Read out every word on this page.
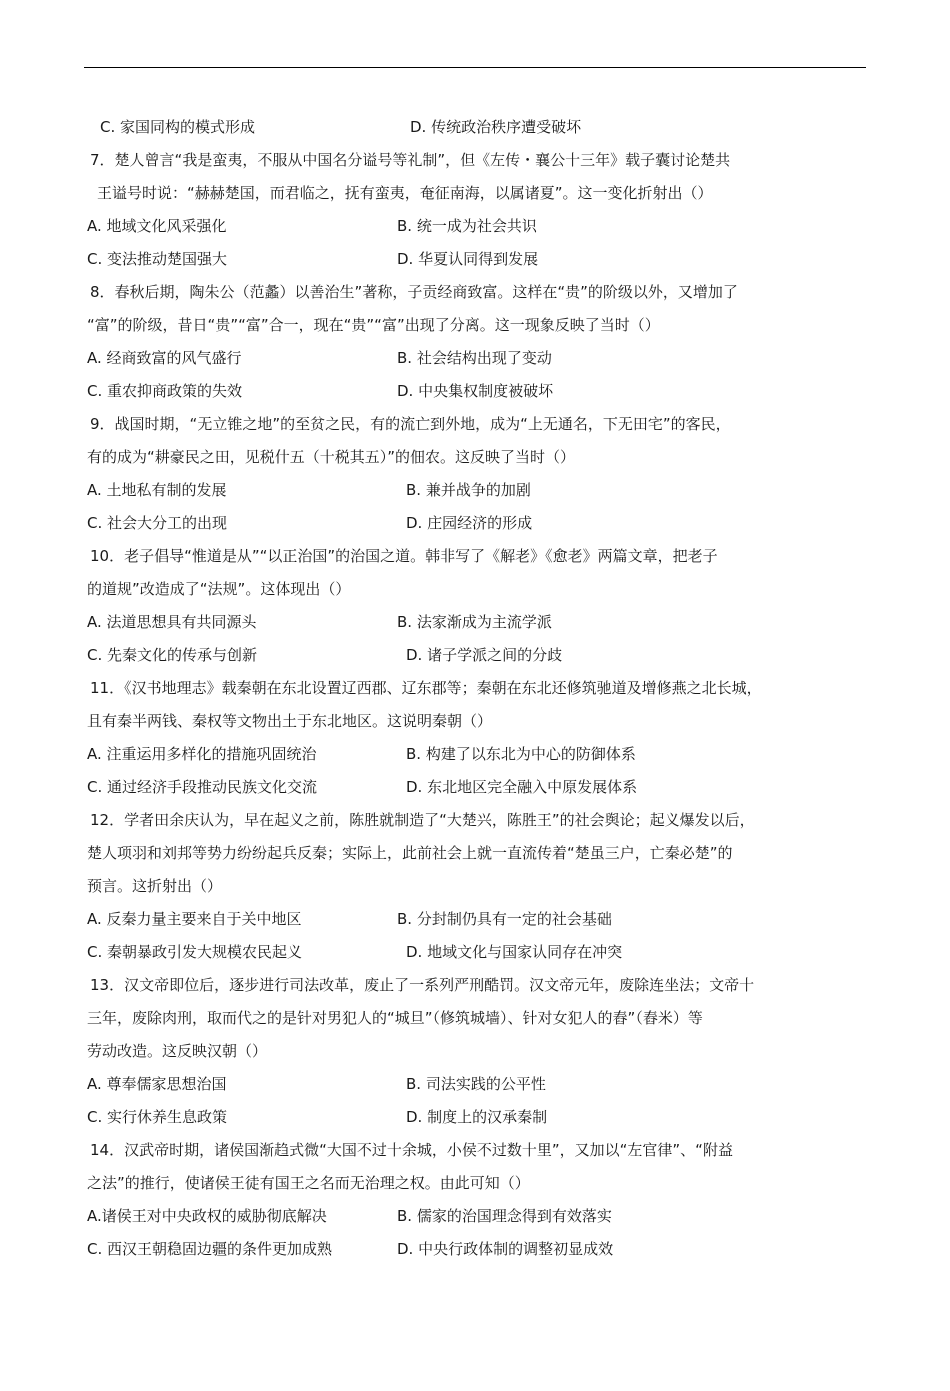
C. 家国同构的模式形成	D. 传统政治秩序遭受破坏
7．楚人曾言“我是蛮夷，不服从中国名分谥号等礼制”，但《左传・襄公十三年》载子囊讨论楚共
王谥号时说：“赫赫楚国，而君临之，抚有蛮夷，奄征南海，以属诸夏”。这一变化折射出（）
A. 地域文化风采强化	B. 统一成为社会共识
C. 变法推动楚国强大	D. 华夏认同得到发展
8．春秋后期，陶朱公（范蠡）以善治生”著称，子贡经商致富。这样在“贵”的阶级以外，又增加了
“富”的阶级，昔日“贵”“富”合一，现在“贵”“富”出现了分离。这一现象反映了当时（）
A. 经商致富的风气盛行	B. 社会结构出现了变动
C. 重农抑商政策的失效	D. 中央集权制度被破坏
9．战国时期，“无立锥之地”的至贫之民，有的流亡到外地，成为“上无通名，下无田宅”的客民，
有的成为“耕豪民之田，见税什五（十税其五）”的佃农。这反映了当时（）
A. 土地私有制的发展	B. 兼并战争的加剧
C. 社会大分工的出现	D. 庄园经济的形成
10．老子倡导“惟道是从”“以正治国”的治国之道。韩非写了《解老》《愈老》两篇文章，把老子
的道规”改造成了“法规”。这体现出（）
A. 法道思想具有共同源头	B. 法家渐成为主流学派
C. 先秦文化的传承与创新	D. 诸子学派之间的分歧
11．《汉书地理志》载秦朝在东北设置辽西郡、辽东郡等；秦朝在东北还修筑驰道及增修燕之北长城，
且有秦半两钱、秦权等文物出土于东北地区。这说明秦朝（）
A. 注重运用多样化的措施巩固统治	B. 构建了以东北为中心的防御体系
C. 通过经济手段推动民族文化交流	D. 东北地区完全融入中原发展体系
12．学者田余庆认为，早在起义之前，陈胜就制造了“大楚兴，陈胜王”的社会舆论；起义爆发以后，
楚人项羽和刘邦等势力纷纷起兵反秦；实际上，此前社会上就一直流传着“楚虽三户，亡秦必楚”的
预言。这折射出（）
A. 反秦力量主要来自于关中地区	B. 分封制仍具有一定的社会基础
C. 秦朝暴政引发大规模农民起义	D. 地域文化与国家认同存在冲突
13．汉文帝即位后，逐步进行司法改革，废止了一系列严刑酷罚。汉文帝元年，废除连坐法；文帝十
三年，废除肉刑，取而代之的是针对男犯人的“城旦”（修筑城墙）、针对女犯人的舂”（舂米）等
劳动改造。这反映汉朝（）
A. 尊奉儒家思想治国	B. 司法实践的公平性
C. 实行休养生息政策	D. 制度上的汉承秦制
14．汉武帝时期，诸侯国渐趋式微“大国不过十余城，小侯不过数十里”，又加以“左官律”、“附益
之法”的推行，使诸侯王徒有国王之名而无治理之权。由此可知（）
A.诸侯王对中央政权的威胁彻底解决	B. 儒家的治国理念得到有效落实
C. 西汉王朝稳固边疆的条件更加成熟	D. 中央行政体制的调整初显成效
